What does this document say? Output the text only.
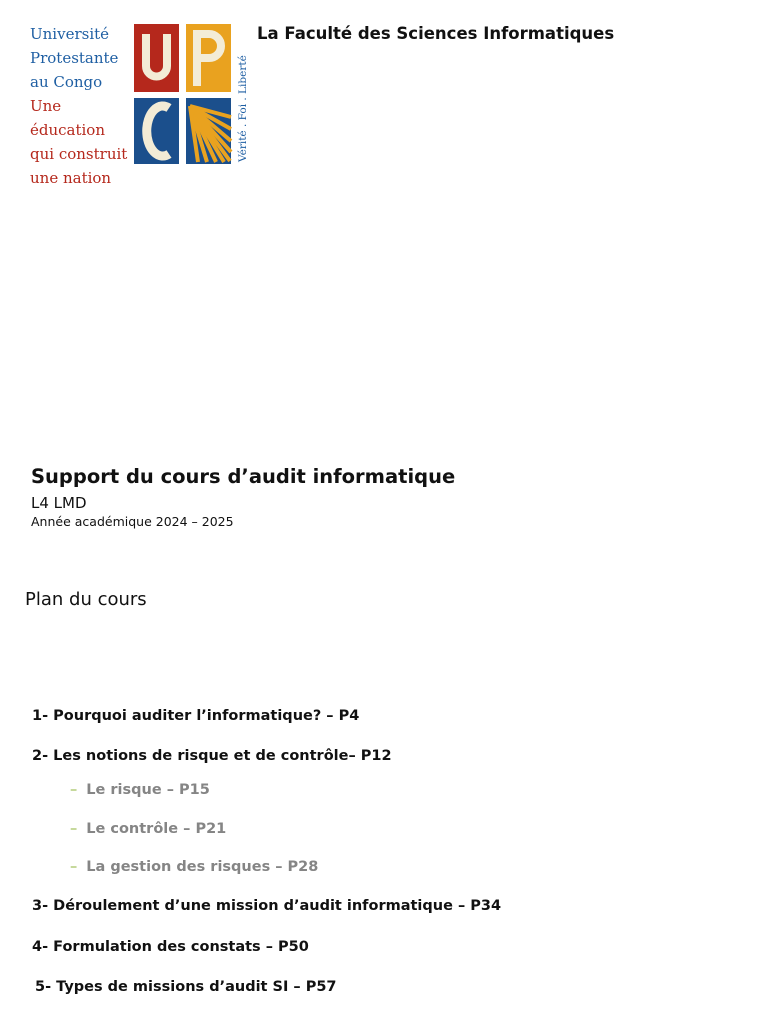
Université
Protestante
au Congo
Une éducation
qui construit
une nation
Vérité . Foi . Liberté
La Faculté des Sciences Informatiques
Support du cours d’audit informatique
L4 LMD
Année académique 2024 – 2025
Plan du cours
1- Pourquoi auditer l’informatique? – P4
2- Les notions de risque et de contrôle– P12
– Le risque – P15
– Le contrôle – P21
– La gestion des risques – P28
3- Déroulement d’une mission d’audit informatique – P34
4- Formulation des constats – P50
5- Types de missions d’audit SI – P57
